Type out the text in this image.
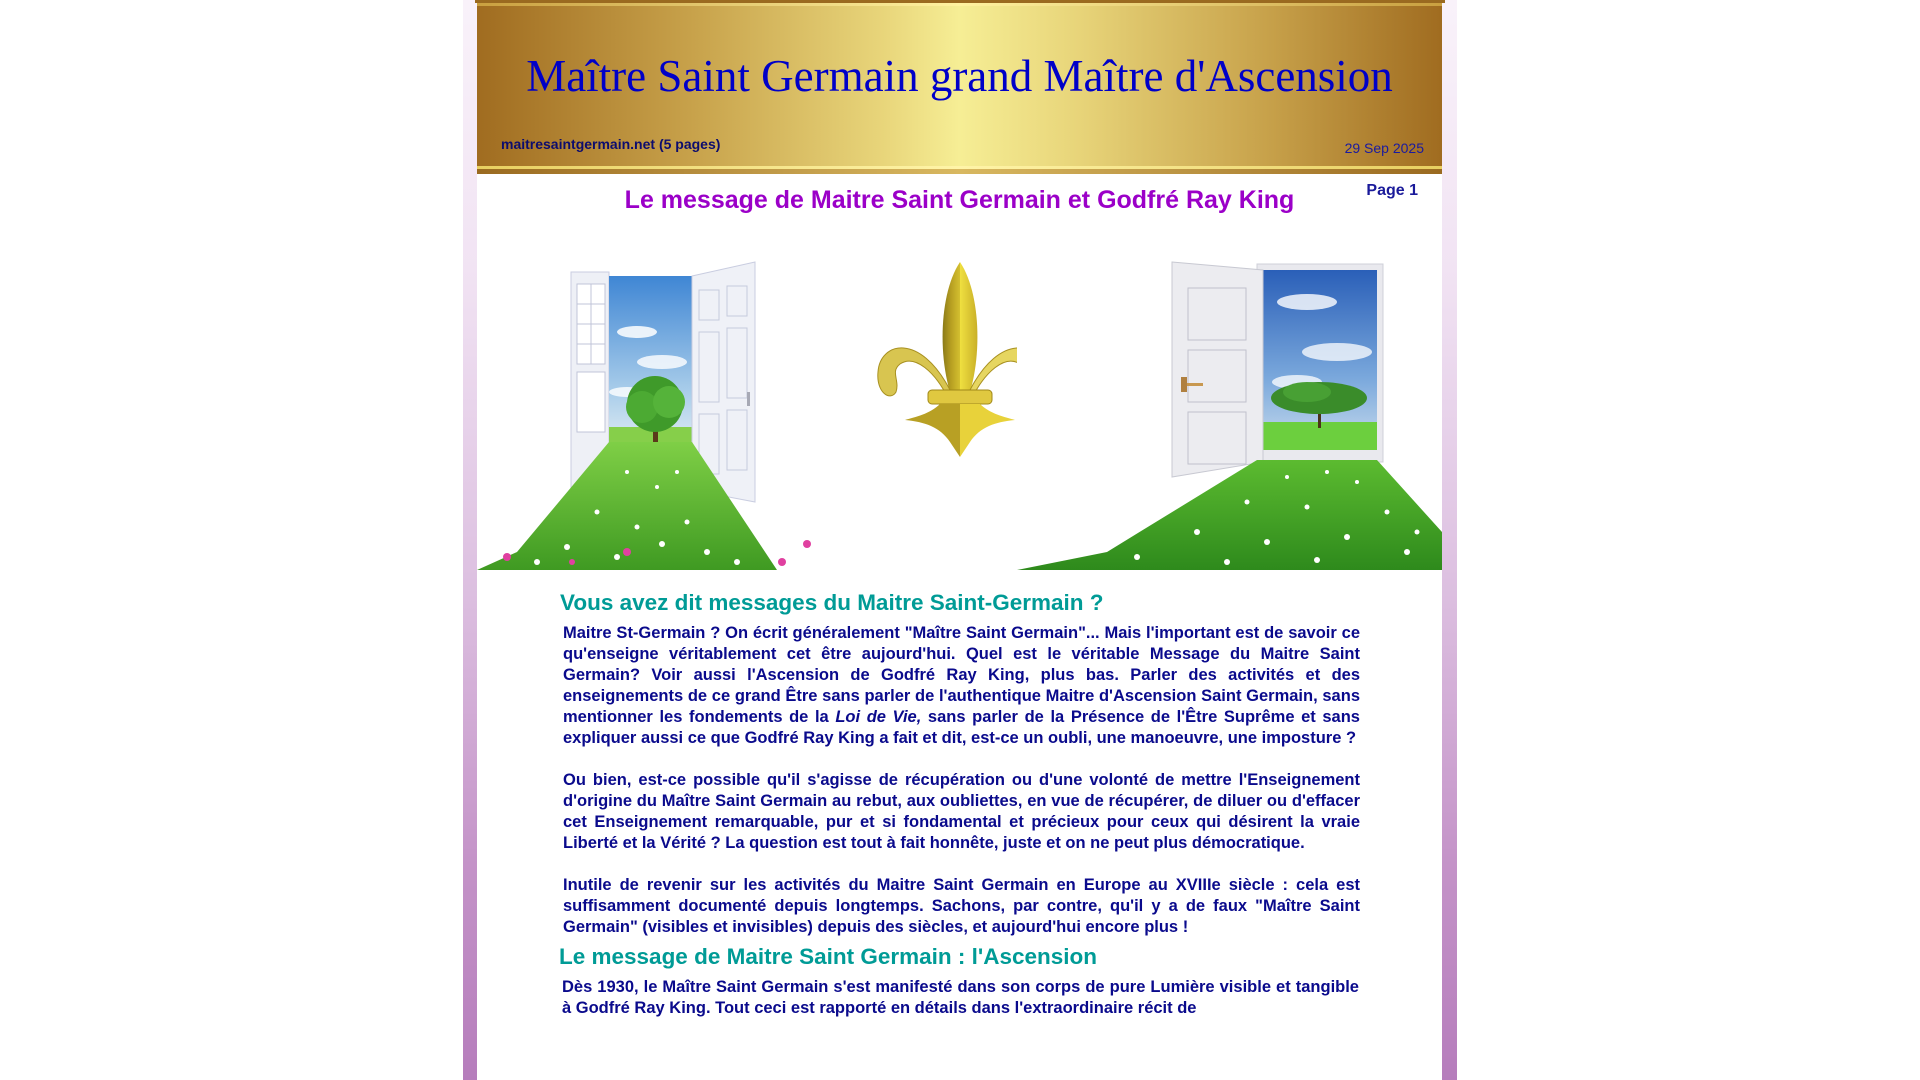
Maître Saint Germain grand Maître d'Ascension
maitresaintgermain.net (5 pages)	29 Sep 2025
Le message de Maitre Saint Germain et Godfré Ray King	Page 1
Vous avez dit messages du Maitre Saint-Germain ?

Maitre St-Germain ? On écrit généralement "Maître Saint Germain"... Mais l'important est de savoir ce qu'enseigne véritablement cet être aujourd'hui. Quel est le véritable Message du Maitre Saint Germain? Voir aussi l'Ascension de Godfré Ray King, plus bas. Parler des activités et des enseignements de ce grand Être sans parler de l'authentique Maitre d'Ascension Saint Germain, sans mentionner les fondements de la Loi de Vie, sans parler de la Présence de l'Être Suprême et sans expliquer aussi ce que Godfré Ray King a fait et dit, est-ce un oubli, une manoeuvre, une imposture ?

Ou bien, est-ce possible qu'il s'agisse de récupération ou d'une volonté de mettre l'Enseignement d'origine du Maître Saint Germain au rebut, aux oubliettes, en vue de récupérer, de diluer ou d'effacer cet Enseignement remarquable, pur et si fondamental et précieux pour ceux qui désirent la vraie Liberté et la Vérité ? La question est tout à fait honnête, juste et on ne peut plus démocratique.

Inutile de revenir sur les activités du Maitre Saint Germain en Europe au XVIIIe siècle : cela est suffisamment documenté depuis longtemps. Sachons, par contre, qu'il y a de faux "Maître Saint Germain" (visibles et invisibles) depuis des siècles, et aujourd'hui encore plus !

Le message de Maitre Saint Germain : l'Ascension

Dès 1930, le Maître Saint Germain s'est manifesté dans son corps de pure Lumière visible et tangible à Godfré Ray King. Tout ceci est rapporté en détails dans l'extraordinaire récit de
